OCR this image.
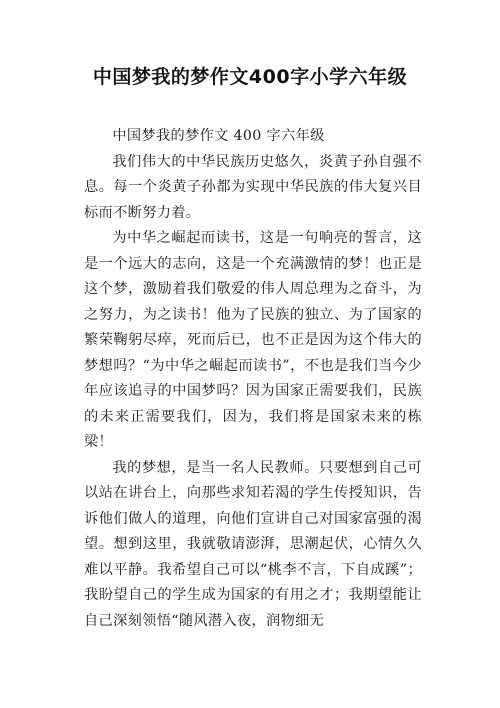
中国梦我的梦作文400字小学六年级

中国梦我的梦作文 400 字六年级

我们伟大的中华民族历史悠久，炎黄子孙自强不息。每一个炎黄子孙都为实现中华民族的伟大复兴目标而不断努力着。

为中华之崛起而读书，这是一句响亮的誓言，这是一个远大的志向，这是一个充满激情的梦！也正是这个梦，激励着我们敬爱的伟人周总理为之奋斗，为之努力，为之读书！他为了民族的独立、为了国家的繁荣鞠躬尽瘁，死而后已，也不正是因为这个伟大的梦想吗？“为中华之崛起而读书”，不也是我们当今少年应该追寻的中国梦吗？因为国家正需要我们，民族的未来正需要我们，因为，我们将是国家未来的栋梁！

我的梦想，是当一名人民教师。只要想到自己可以站在讲台上，向那些求知若渴的学生传授知识，告诉他们做人的道理，向他们宣讲自己对国家富强的渴望。想到这里，我就敬请澎湃，思潮起伏，心情久久难以平静。我希望自己可以“桃李不言，下自成蹊”；我盼望自己的学生成为国家的有用之才；我期望能让自己深刻领悟“随风潜入夜，润物细无
